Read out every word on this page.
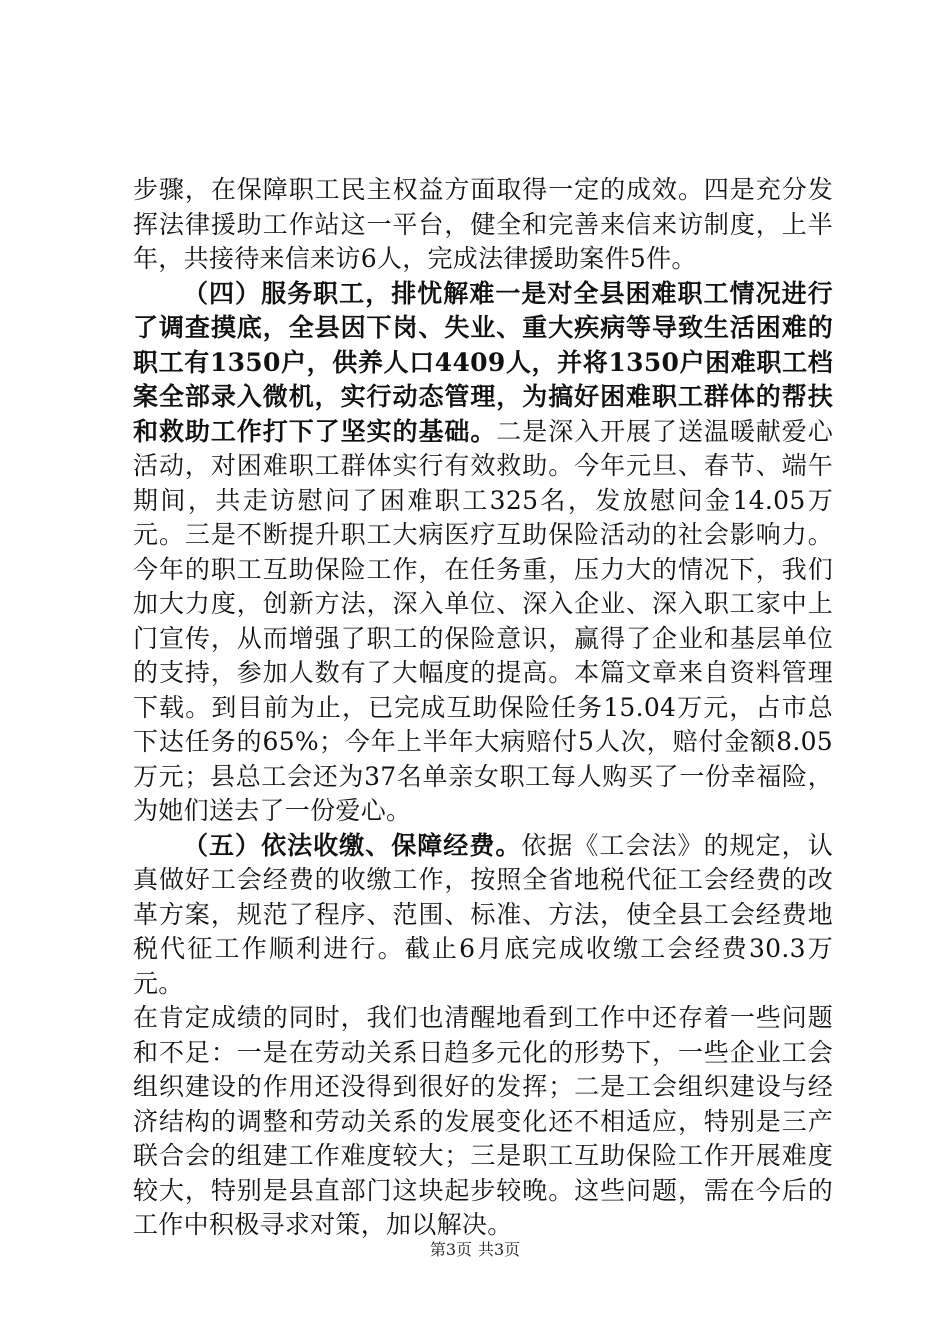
步骤，在保障职工民主权益方面取得一定的成效。四是充分发挥法律援助工作站这一平台，健全和完善来信来访制度，上半年，共接待来信来访6人，完成法律援助案件5件。

（四）服务职工，排忧解难一是对全县困难职工情况进行了调查摸底，全县因下岗、失业、重大疾病等导致生活困难的职工有1350户，供养人口4409人，并将1350户困难职工档案全部录入微机，实行动态管理，为搞好困难职工群体的帮扶和救助工作打下了坚实的基础。二是深入开展了送温暖献爱心活动，对困难职工群体实行有效救助。今年元旦、春节、端午期间，共走访慰问了困难职工325名，发放慰问金14.05万元。三是不断提升职工大病医疗互助保险活动的社会影响力。今年的职工互助保险工作，在任务重，压力大的情况下，我们加大力度，创新方法，深入单位、深入企业、深入职工家中上门宣传，从而增强了职工的保险意识，赢得了企业和基层单位的支持，参加人数有了大幅度的提高。本篇文章来自资料管理下载。到目前为止，已完成互助保险任务15.04万元，占市总下达任务的65%；今年上半年大病赔付5人次，赔付金额8.05万元；县总工会还为37名单亲女职工每人购买了一份幸福险，为她们送去了一份爱心。

（五）依法收缴、保障经费。依据《工会法》的规定，认真做好工会经费的收缴工作，按照全省地税代征工会经费的改革方案，规范了程序、范围、标准、方法，使全县工会经费地税代征工作顺利进行。截止6月底完成收缴工会经费30.3万元。

在肯定成绩的同时，我们也清醒地看到工作中还存着一些问题和不足：一是在劳动关系日趋多元化的形势下，一些企业工会组织建设的作用还没得到很好的发挥；二是工会组织建设与经济结构的调整和劳动关系的发展变化还不相适应，特别是三产联合会的组建工作难度较大；三是职工互助保险工作开展难度较大，特别是县直部门这块起步较晚。这些问题，需在今后的工作中积极寻求对策，加以解决。

第3页 共3页
